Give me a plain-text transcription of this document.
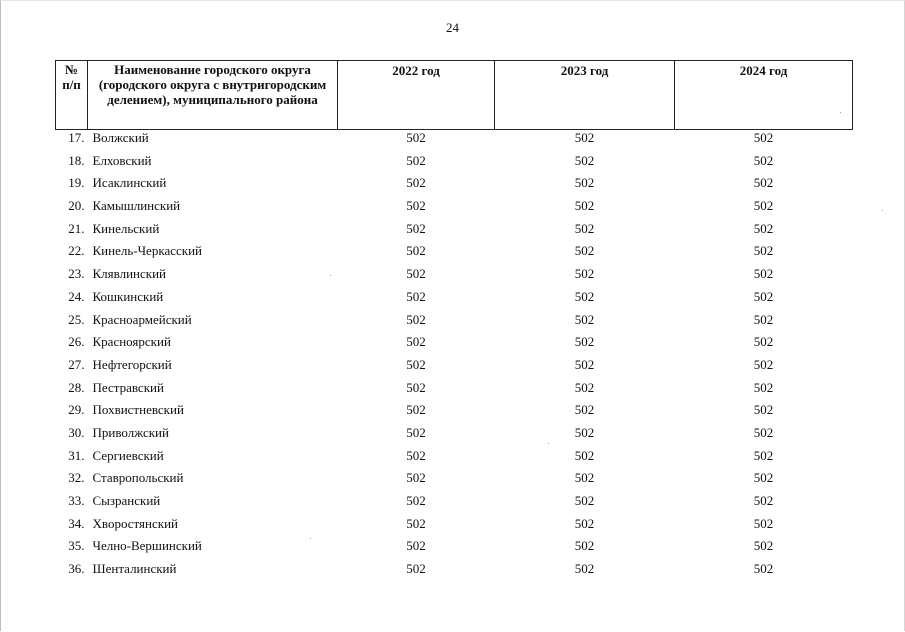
24
№ п/п	Наименование городского округа (городского округа с внутригородским делением), муниципального района	2022 год	2023 год	2024 год
17.	Волжский	502	502	502
18.	Елховский	502	502	502
19.	Исаклинский	502	502	502
20.	Камышлинский	502	502	502
21.	Кинельский	502	502	502
22.	Кинель-Черкасский	502	502	502
23.	Клявлинский	502	502	502
24.	Кошкинский	502	502	502
25.	Красноармейский	502	502	502
26.	Красноярский	502	502	502
27.	Нефтегорский	502	502	502
28.	Пестравский	502	502	502
29.	Похвистневский	502	502	502
30.	Приволжский	502	502	502
31.	Сергиевский	502	502	502
32.	Ставропольский	502	502	502
33.	Сызранский	502	502	502
34.	Хворостянский	502	502	502
35.	Челно-Вершинский	502	502	502
36.	Шенталинский	502	502	502
